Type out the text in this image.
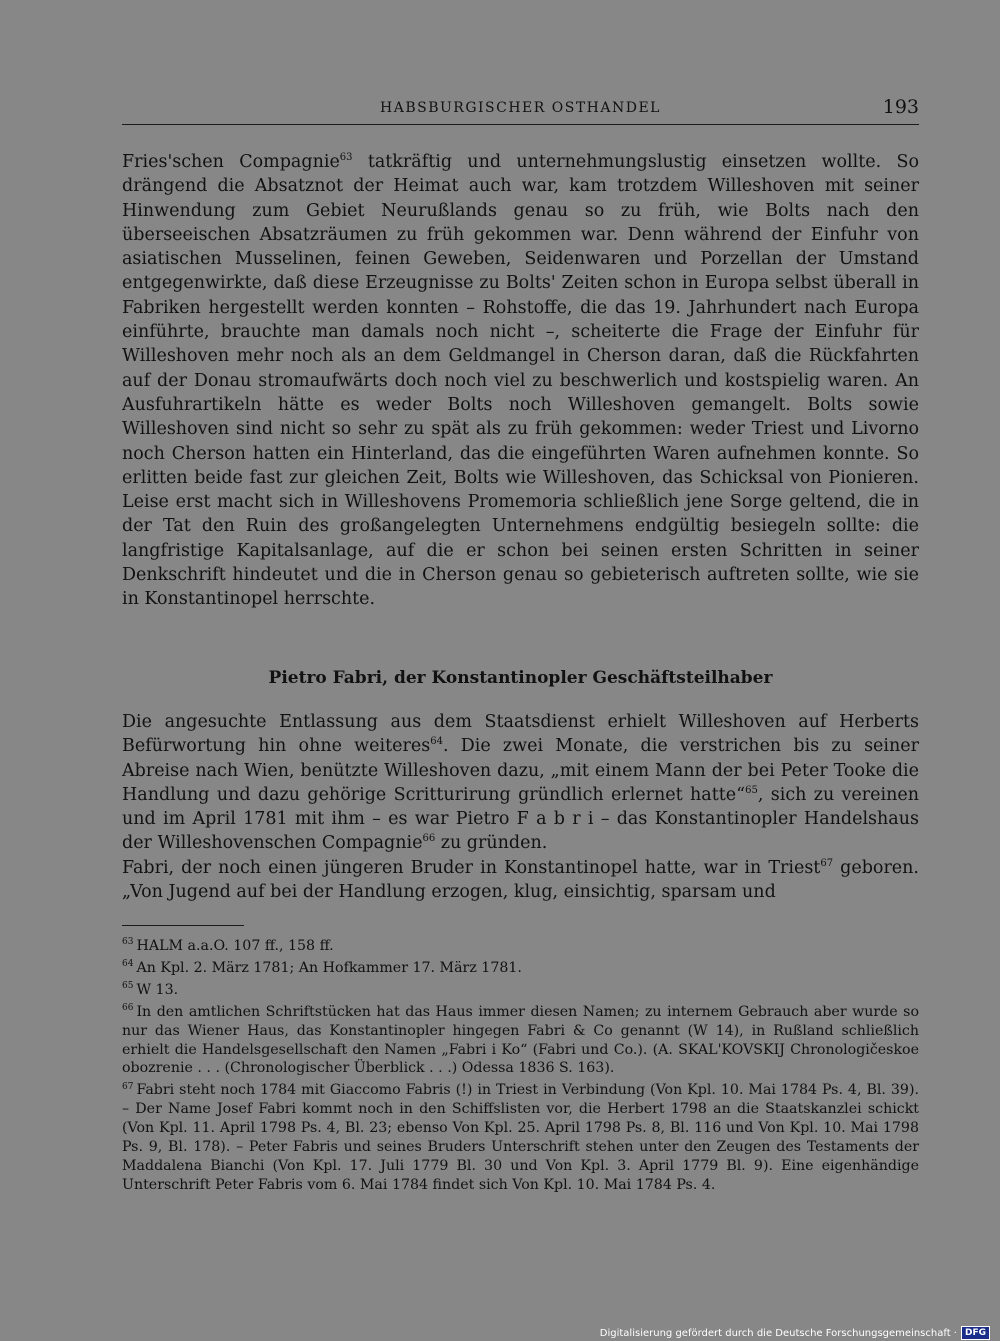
HABSBURGISCHER OSTHANDEL	193

Fries'schen Compagnie$^{63}$ tatkräftig und unternehmungslustig einsetzen wollte. So drängend die Absatznot der Heimat auch war, kam trotzdem Willeshoven mit seiner Hinwendung zum Gebiet Neurußlands genau so zu früh, wie Bolts nach den überseeischen Absatzräumen zu früh gekommen war. Denn während der Einfuhr von asiatischen Musselinen, feinen Geweben, Seidenwaren und Porzellan der Umstand entgegenwirkte, daß diese Erzeugnisse zu Bolts' Zeiten schon in Europa selbst überall in Fabriken hergestellt werden konnten – Rohstoffe, die das 19. Jahrhundert nach Europa einführte, brauchte man damals noch nicht –, scheiterte die Frage der Einfuhr für Willeshoven mehr noch als an dem Geldmangel in Cherson daran, daß die Rückfahrten auf der Donau stromaufwärts doch noch viel zu beschwerlich und kostspielig waren. An Ausfuhrartikeln hätte es weder Bolts noch Willeshoven gemangelt. Bolts sowie Willeshoven sind nicht so sehr zu spät als zu früh gekommen: weder Triest und Livorno noch Cherson hatten ein Hinterland, das die eingeführten Waren aufnehmen konnte. So erlitten beide fast zur gleichen Zeit, Bolts wie Willeshoven, das Schicksal von Pionieren. Leise erst macht sich in Willeshovens Promemoria schließlich jene Sorge geltend, die in der Tat den Ruin des großangelegten Unternehmens endgültig besiegeln sollte: die langfristige Kapitalsanlage, auf die er schon bei seinen ersten Schritten in seiner Denkschrift hindeutet und die in Cherson genau so gebieterisch auftreten sollte, wie sie in Konstantinopel herrschte.

Pietro Fabri, der Konstantinopler Geschäftsteilhaber

Die angesuchte Entlassung aus dem Staatsdienst erhielt Willeshoven auf Herberts Befürwortung hin ohne weiteres$^{64}$. Die zwei Monate, die verstrichen bis zu seiner Abreise nach Wien, benützte Willeshoven dazu, „mit einem Mann der bei Peter Tooke die Handlung und dazu gehörige Scritturirung gründlich erlernet hatte“$^{65}$, sich zu vereinen und im April 1781 mit ihm – es war Pietro F a b r i – das Konstantinopler Handelshaus der Willeshovenschen Compagnie$^{66}$ zu gründen.

Fabri, der noch einen jüngeren Bruder in Konstantinopel hatte, war in Triest$^{67}$ geboren. „Von Jugend auf bei der Handlung erzogen, klug, einsichtig, sparsam und

$^{63}$ HALM a.a.O. 107 ff., 158 ff.

$^{64}$ An Kpl. 2. März 1781; An Hofkammer 17. März 1781.

$^{65}$ W 13.

$^{66}$ In den amtlichen Schriftstücken hat das Haus immer diesen Namen; zu internem Gebrauch aber wurde so nur das Wiener Haus, das Konstantinopler hingegen Fabri & Co genannt (W 14), in Rußland schließlich erhielt die Handelsgesellschaft den Namen „Fabri i Ko“ (Fabri und Co.). (A. SKAL'KOVSKIJ Chronologičeskoe obozrenie . . . (Chronologischer Überblick . . .) Odessa 1836 S. 163).

$^{67}$ Fabri steht noch 1784 mit Giaccomo Fabris (!) in Triest in Verbindung (Von Kpl. 10. Mai 1784 Ps. 4, Bl. 39). – Der Name Josef Fabri kommt noch in den Schiffslisten vor, die Herbert 1798 an die Staatskanzlei schickt (Von Kpl. 11. April 1798 Ps. 4, Bl. 23; ebenso Von Kpl. 25. April 1798 Ps. 8, Bl. 116 und Von Kpl. 10. Mai 1798 Ps. 9, Bl. 178). – Peter Fabris und seines Bruders Unterschrift stehen unter den Zeugen des Testaments der Maddalena Bianchi (Von Kpl. 17. Juli 1779 Bl. 30 und Von Kpl. 3. April 1779 Bl. 9). Eine eigenhändige Unterschrift Peter Fabris vom 6. Mai 1784 findet sich Von Kpl. 10. Mai 1784 Ps. 4.

Digitalisierung gefördert durch die Deutsche Forschungsgemeinschaft · DFG
